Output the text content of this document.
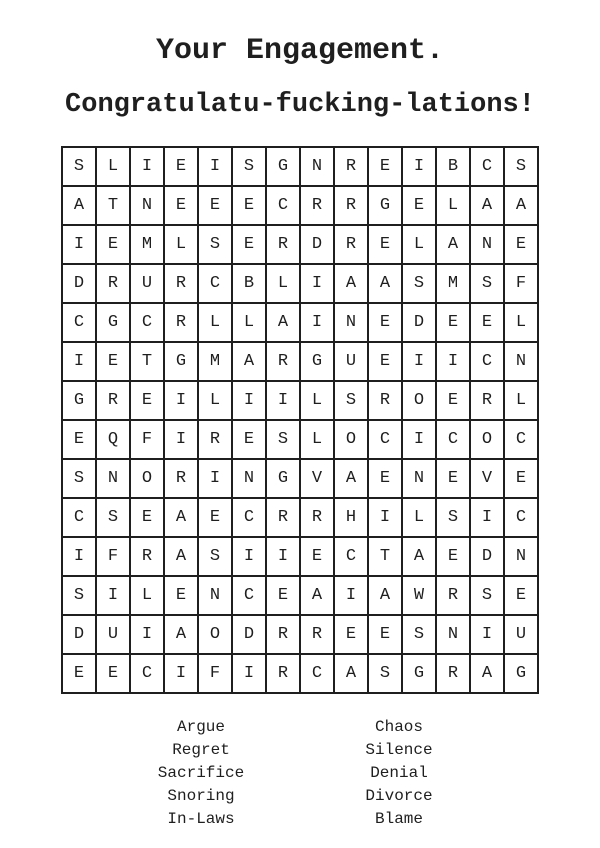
Your Engagement.
Congratulatu-fucking-lations!
S	L	I	E	I	S	G	N	R	E	I	B	C	S
A	T	N	E	E	E	C	R	R	G	E	L	A	A
I	E	M	L	S	E	R	D	R	E	L	A	N	E
D	R	U	R	C	B	L	I	A	A	S	M	S	F
C	G	C	R	L	L	A	I	N	E	D	E	E	L
I	E	T	G	M	A	R	G	U	E	I	I	C	N
G	R	E	I	L	I	I	L	S	R	O	E	R	L
E	Q	F	I	R	E	S	L	O	C	I	C	O	C
S	N	O	R	I	N	G	V	A	E	N	E	V	E
C	S	E	A	E	C	R	R	H	I	L	S	I	C
I	F	R	A	S	I	I	E	C	T	A	E	D	N
S	I	L	E	N	C	E	A	I	A	W	R	S	E
D	U	I	A	O	D	R	R	E	E	S	N	I	U
E	E	C	I	F	I	R	C	A	S	G	R	A	G
Argue
Regret
Sacrifice
Snoring
In-Laws
Chaos
Silence
Denial
Divorce
Blame
